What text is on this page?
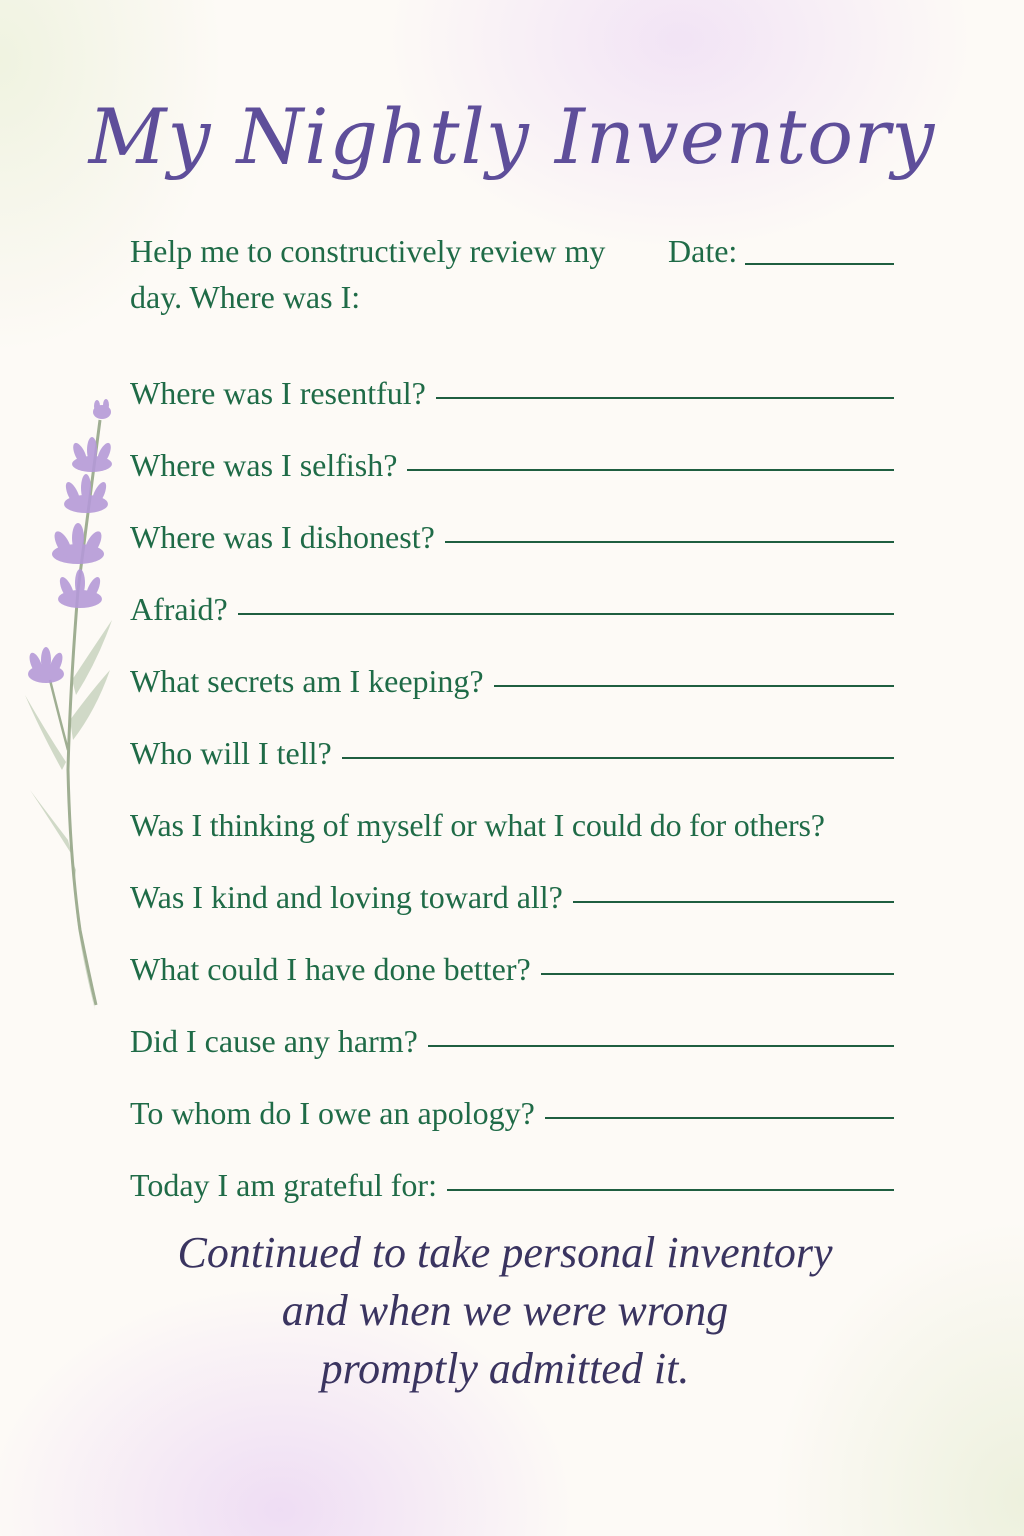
My Nightly Inventory
Help me to constructively review my day. Where was I:
Date:
Where was I resentful?
Where was I selfish?
Where was I dishonest?
Afraid?
What secrets am I keeping?
Who will I tell?
Was I thinking of myself or what I could do for others?
Was I kind and loving toward all?
What could I have done better?
Did I cause any harm?
To whom do I owe an apology?
Today I am grateful for:
Continued to take personal inventory
and when we were wrong
promptly admitted it.
